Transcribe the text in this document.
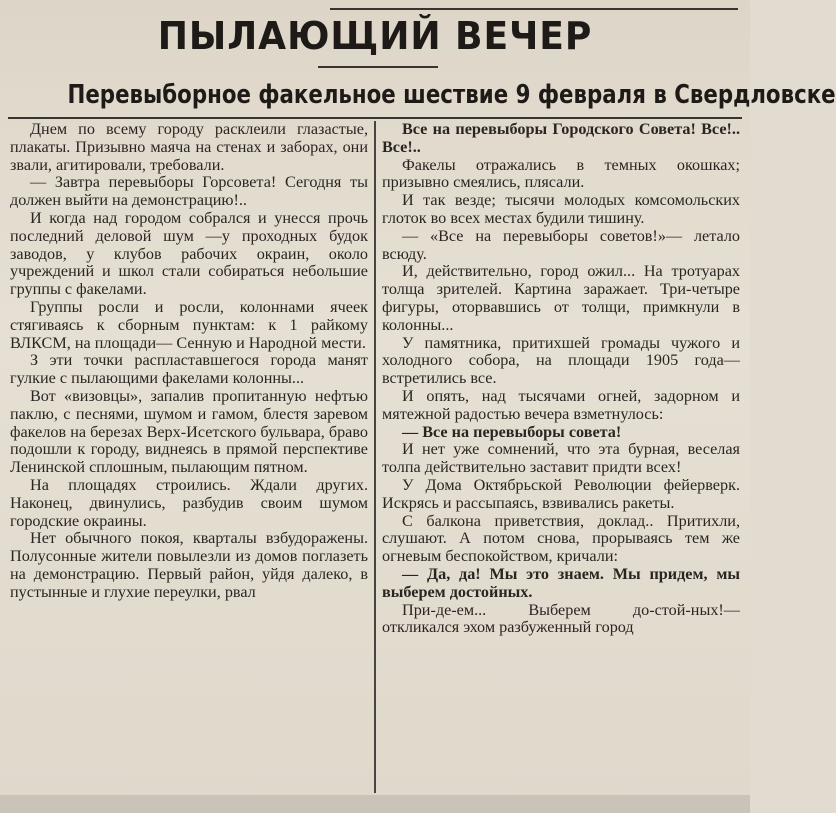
ПЫЛАЮЩИЙ ВЕЧЕР
Перевыборное факельное шествие 9 февраля в Свердловске

Днем по всему городу расклеили глазастые, плакаты. Призывно маяча на стенах и заборах, они звали, агитировали, требовали.

— Завтра перевыборы Горсовета! Сегодня ты должен выйти на демонстрацию!..

И когда над городом собрался и унесся прочь последний деловой шум —у проходных будок заводов, у клубов рабочих окраин, около учреждений и школ стали собираться небольшие группы с факелами.

Группы росли и росли, колоннами ячеек стягиваясь к сборным пунктам: к 1 райкому ВЛКСМ, на площади— Сенную и Народной мести.

З эти точки распластавшегося города манят гулкие с пылающими факелами колонны...

Вот «визовцы», запалив пропитанную нефтью паклю, с песнями, шумом и гамом, блестя заревом факелов на березах Верх-Исетского бульвара, браво подошли к городу, виднеясь в прямой перспективе Ленинской сплошным, пылающим пятном.

На площадях строились. Ждали других. Наконец, двинулись, разбудив своим шумом городские окраины.

Нет обычного покоя, кварталы взбудоражены. Полусонные жители повылезли из домов поглазеть на демонстрацию. Первый район, уйдя далеко, в пустынные и глухие переулки, рвал

Все на перевыборы Городского Совета! Все!.. Все!..

Факелы отражались в темных окошках; призывно смеялись, плясали.

И так везде; тысячи молодых комсомольских глоток во всех местах будили тишину.

— «Все на перевыборы советов!»— летало всюду.

И, действительно, город ожил... На тротуарах толща зрителей. Картина заражает. Три-четыре фигуры, оторвавшись от толщи, примкнули в колонны...

У памятника, притихшей громады чужого и холодного собора, на площади 1905 года—встретились все.

И опять, над тысячами огней, задорном и мятежной радостью вечера взметнулось:

— Все на перевыборы совета!

И нет уже сомнений, что эта бурная, веселая толпа действительно заставит придти всех!

У Дома Октябрьской Революции фейерверк. Искрясь и рассыпаясь, взвивались ракеты.

С балкона приветствия, доклад.. Притихли, слушают. А потом снова, прорываясь тем же огневым беспокойством, кричали:

— Да, да! Мы это знаем. Мы придем, мы выберем достойных.

При-де-ем... Выберем до-стой-ных!— откликался эхом разбуженный город
